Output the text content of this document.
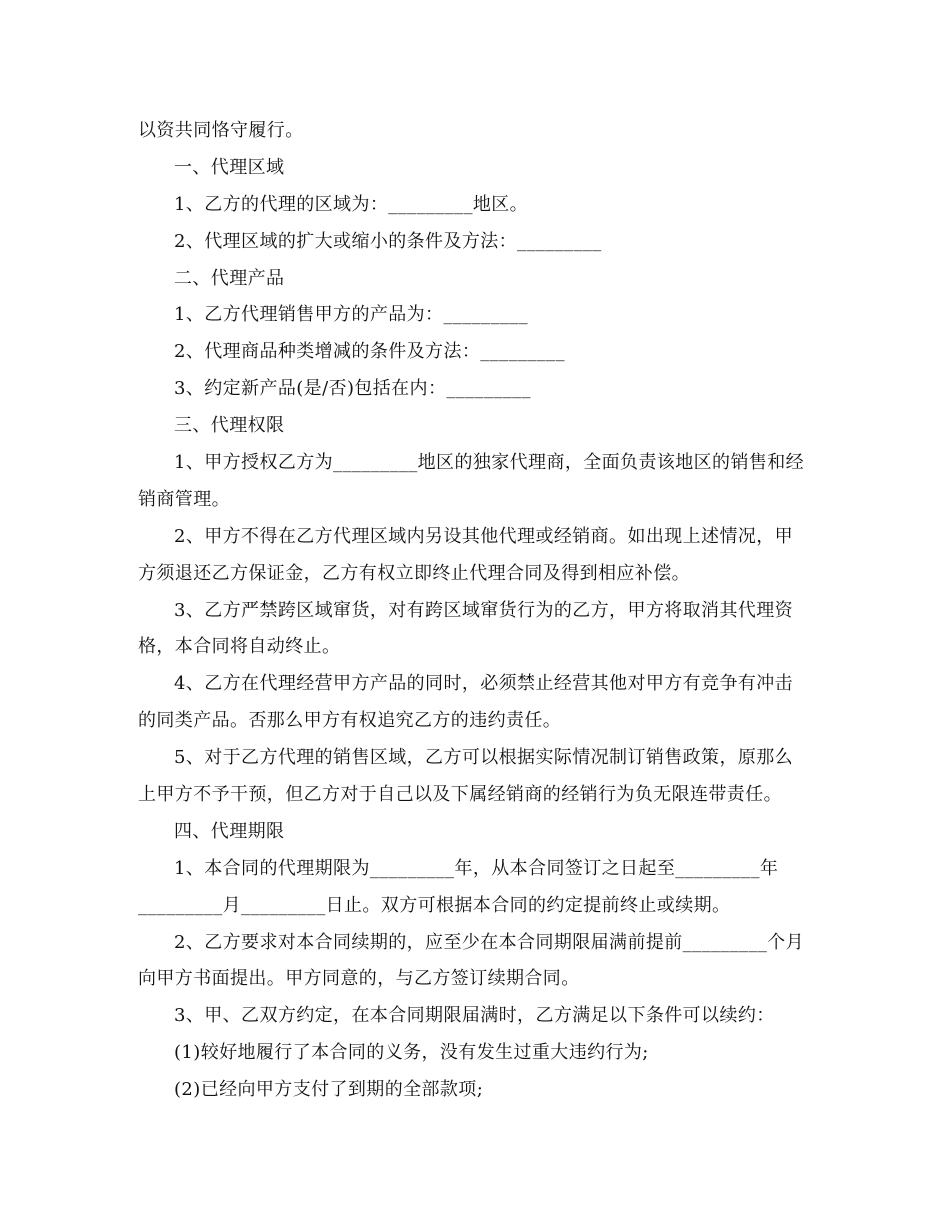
以资共同恪守履行。
一、代理区域
1、乙方的代理的区域为：_________地区。
2、代理区域的扩大或缩小的条件及方法：_________
二、代理产品
1、乙方代理销售甲方的产品为：_________
2、代理商品种类增减的条件及方法：_________
3、约定新产品(是/否)包括在内：_________
三、代理权限
1、甲方授权乙方为_________地区的独家代理商，全面负责该地区的销售和经
销商管理。
2、甲方不得在乙方代理区域内另设其他代理或经销商。如出现上述情况，甲
方须退还乙方保证金，乙方有权立即终止代理合同及得到相应补偿。
3、乙方严禁跨区域窜货，对有跨区域窜货行为的乙方，甲方将取消其代理资
格，本合同将自动终止。
4、乙方在代理经营甲方产品的同时，必须禁止经营其他对甲方有竞争有冲击
的同类产品。否那么甲方有权追究乙方的违约责任。
5、对于乙方代理的销售区域，乙方可以根据实际情况制订销售政策，原那么
上甲方不予干预，但乙方对于自己以及下属经销商的经销行为负无限连带责任。
四、代理期限
1、本合同的代理期限为_________年，从本合同签订之日起至_________年
_________月_________日止。双方可根据本合同的约定提前终止或续期。
2、乙方要求对本合同续期的，应至少在本合同期限届满前提前_________个月
向甲方书面提出。甲方同意的，与乙方签订续期合同。
3、甲、乙双方约定，在本合同期限届满时，乙方满足以下条件可以续约：
(1)较好地履行了本合同的义务，没有发生过重大违约行为;
(2)已经向甲方支付了到期的全部款项;
